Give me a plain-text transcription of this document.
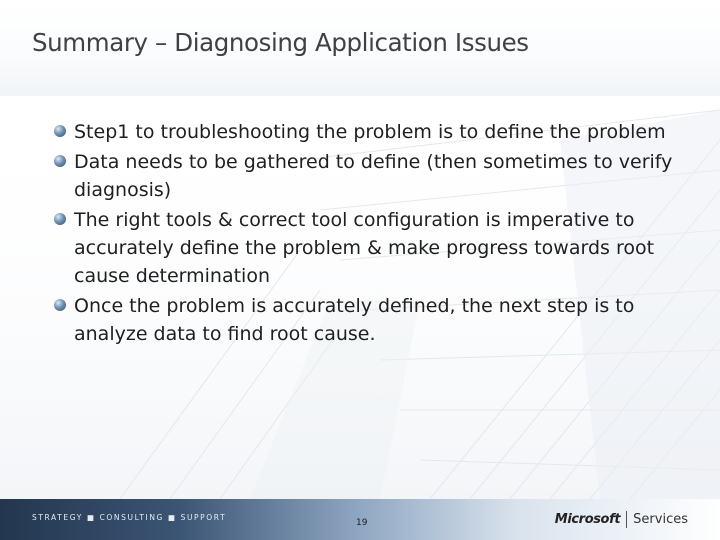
Summary – Diagnosing Application Issues
Step1 to troubleshooting the problem is to define the problem
Data needs to be gathered to define (then sometimes to verify diagnosis)
The right tools & correct tool configuration is imperative to accurately define the problem & make progress towards root cause determination
Once the problem is accurately defined, the next step is to analyze data to find root cause.
STRATEGY ■ CONSULTING ■ SUPPORT
19	Microsoft Services
